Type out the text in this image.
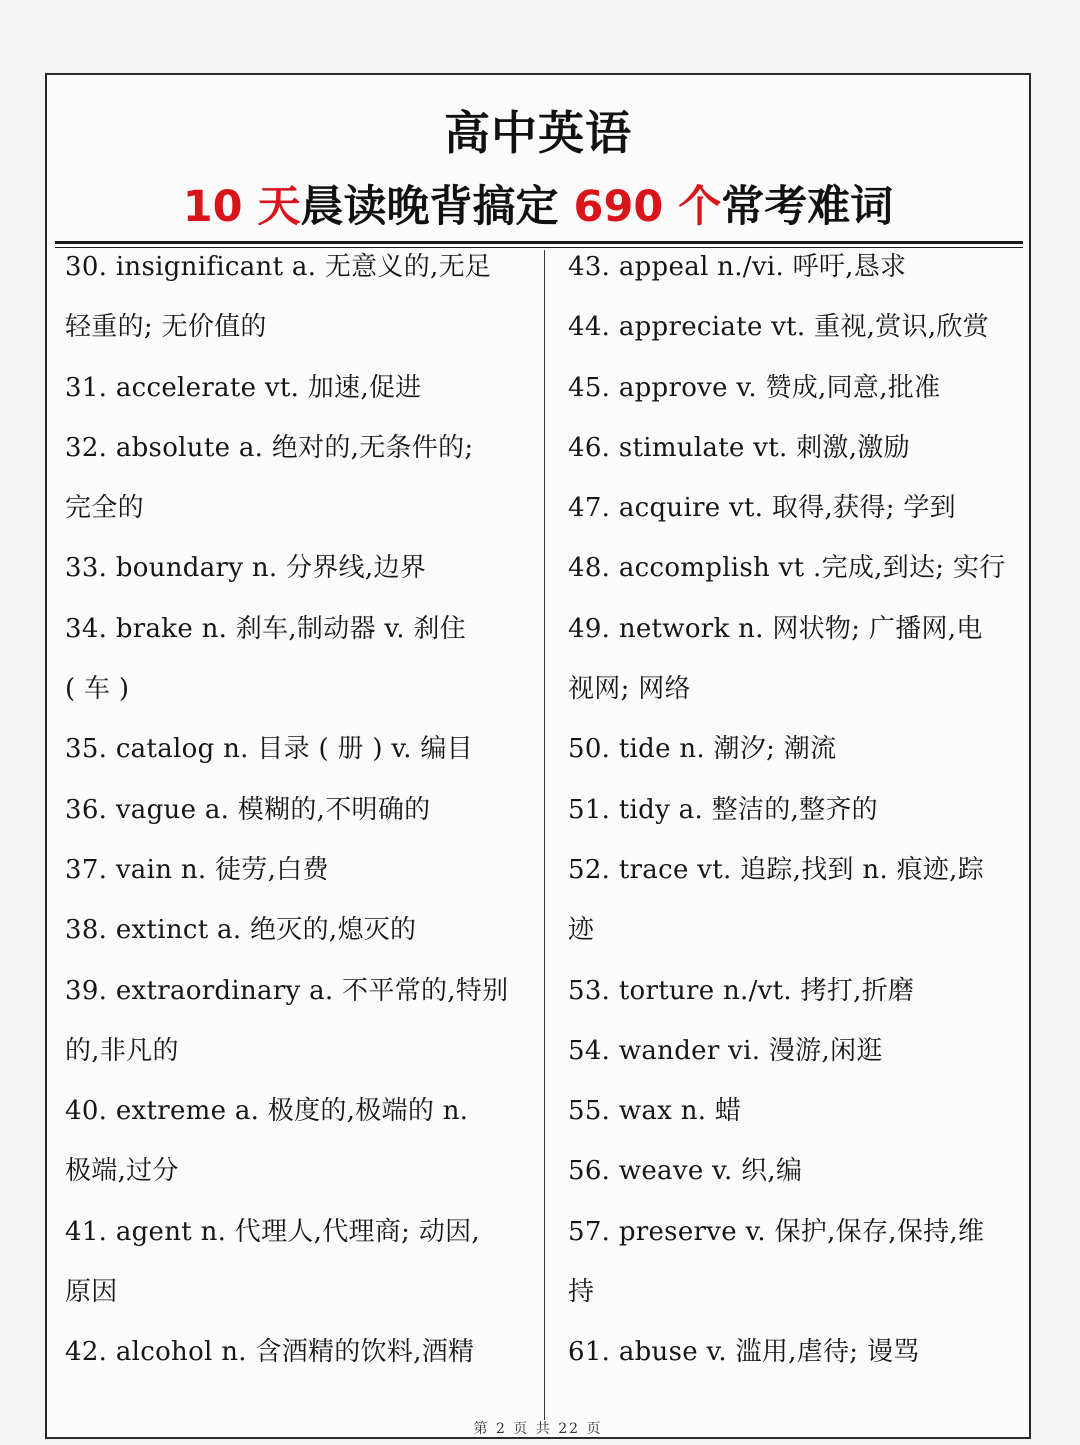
高中英语
10 天晨读晚背搞定 690 个常考难词
30. insignificant a. 无意义的,无足
轻重的; 无价值的
31. accelerate vt. 加速,促进
32. absolute a. 绝对的,无条件的;
完全的
33. boundary n. 分界线,边界
34. brake n. 刹车,制动器 v. 刹住
( 车 )
35. catalog n. 目录 ( 册 ) v. 编目
36. vague a. 模糊的,不明确的
37. vain n. 徒劳,白费
38. extinct a. 绝灭的,熄灭的
39. extraordinary a. 不平常的,特别
的,非凡的
40. extreme a. 极度的,极端的 n.
极端,过分
41. agent n. 代理人,代理商; 动因,
原因
42. alcohol n. 含酒精的饮料,酒精
43. appeal n./vi. 呼吁,恳求
44. appreciate vt. 重视,赏识,欣赏
45. approve v. 赞成,同意,批准
46. stimulate vt. 刺激,激励
47. acquire vt. 取得,获得; 学到
48. accomplish vt .完成,到达; 实行
49. network n. 网状物; 广播网,电
视网; 网络
50. tide n. 潮汐; 潮流
51. tidy a. 整洁的,整齐的
52. trace vt. 追踪,找到 n. 痕迹,踪
迹
53. torture n./vt. 拷打,折磨
54. wander vi. 漫游,闲逛
55. wax n. 蜡
56. weave v. 织,编
57. preserve v. 保护,保存,保持,维
持
61. abuse v. 滥用,虐待; 谩骂
第 2 页 共 22 页
